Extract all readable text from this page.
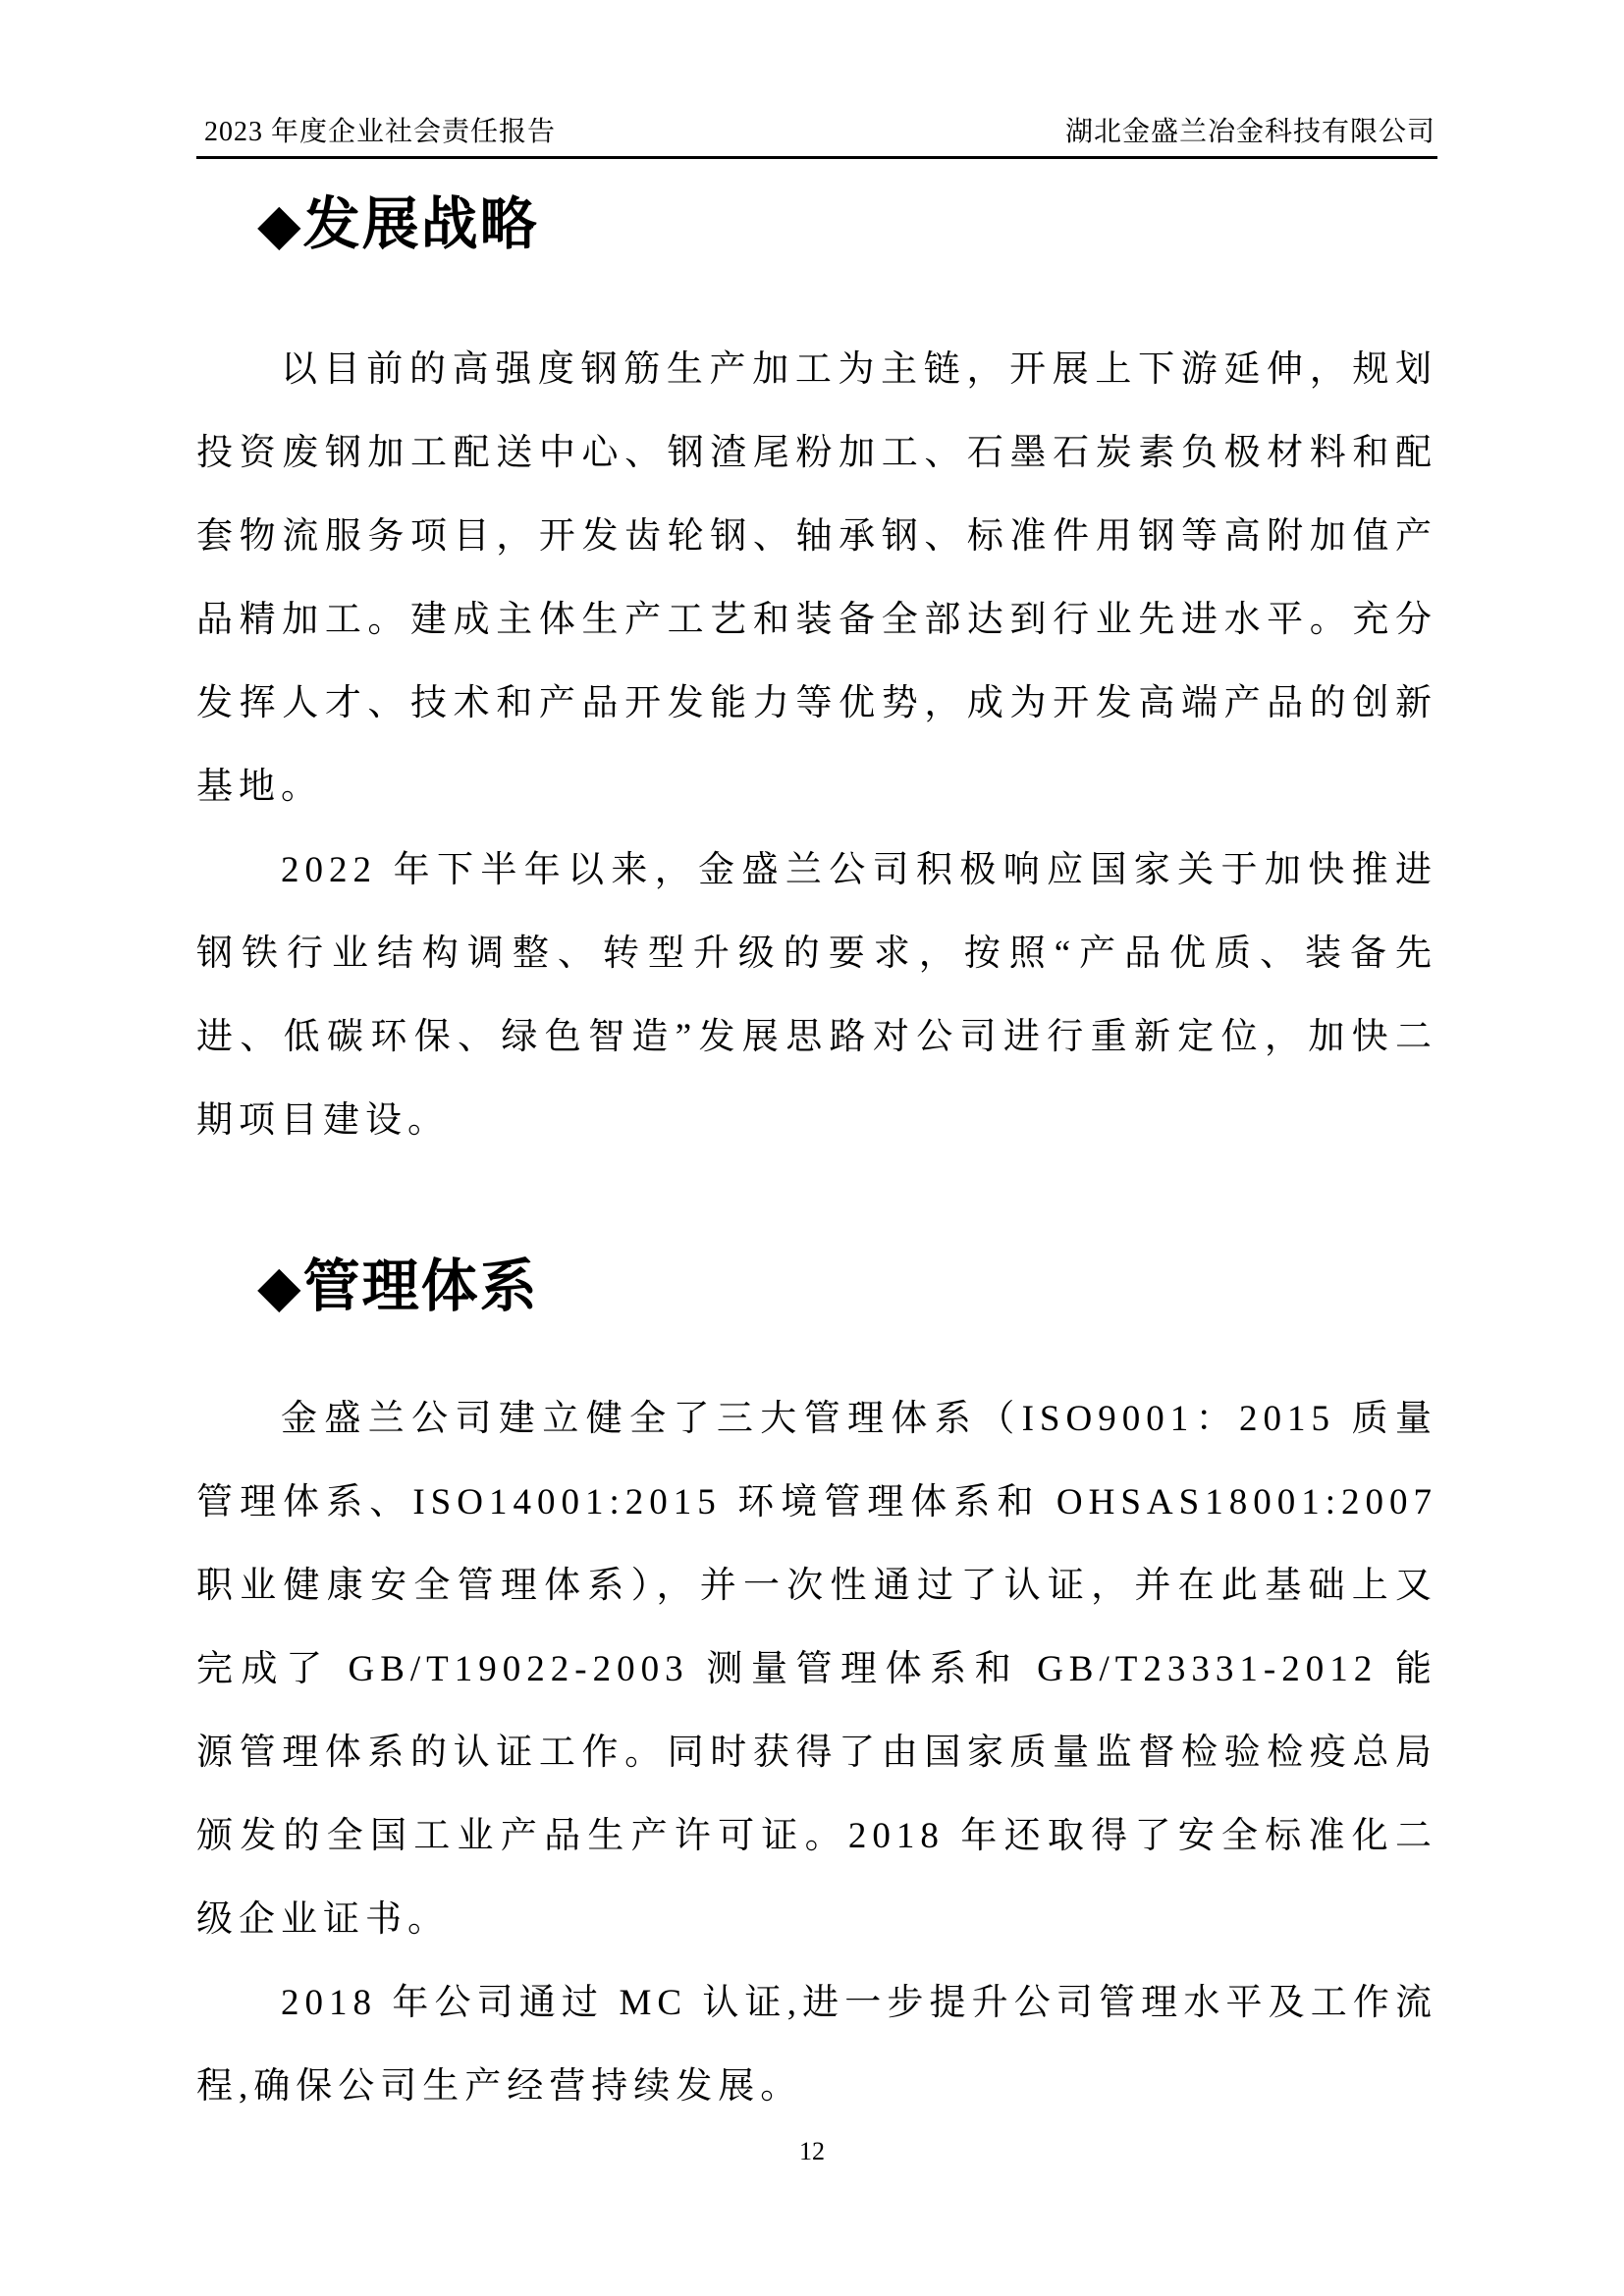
2023 年度企业社会责任报告	湖北金盛兰冶金科技有限公司
◆发展战略

以目前的高强度钢筋生产加工为主链，开展上下游延伸，规划投资废钢加工配送中心、钢渣尾粉加工、石墨石炭素负极材料和配套物流服务项目，开发齿轮钢、轴承钢、标准件用钢等高附加值产品精加工。建成主体生产工艺和装备全部达到行业先进水平。充分发挥人才、技术和产品开发能力等优势，成为开发高端产品的创新基地。

2022 年下半年以来，金盛兰公司积极响应国家关于加快推进钢铁行业结构调整、转型升级的要求，按照“产品优质、装备先进、低碳环保、绿色智造”发展思路对公司进行重新定位，加快二期项目建设。

◆管理体系

金盛兰公司建立健全了三大管理体系（ISO9001：2015 质量管理体系、ISO14001:2015 环境管理体系和 OHSAS18001:2007 职业健康安全管理体系），并一次性通过了认证，并在此基础上又完成了 GB/T19022-2003 测量管理体系和 GB/T23331-2012 能源管理体系的认证工作。同时获得了由国家质量监督检验检疫总局颁发的全国工业产品生产许可证。2018 年还取得了安全标准化二级企业证书。

2018 年公司通过 MC 认证,进一步提升公司管理水平及工作流程,确保公司生产经营持续发展。

12
